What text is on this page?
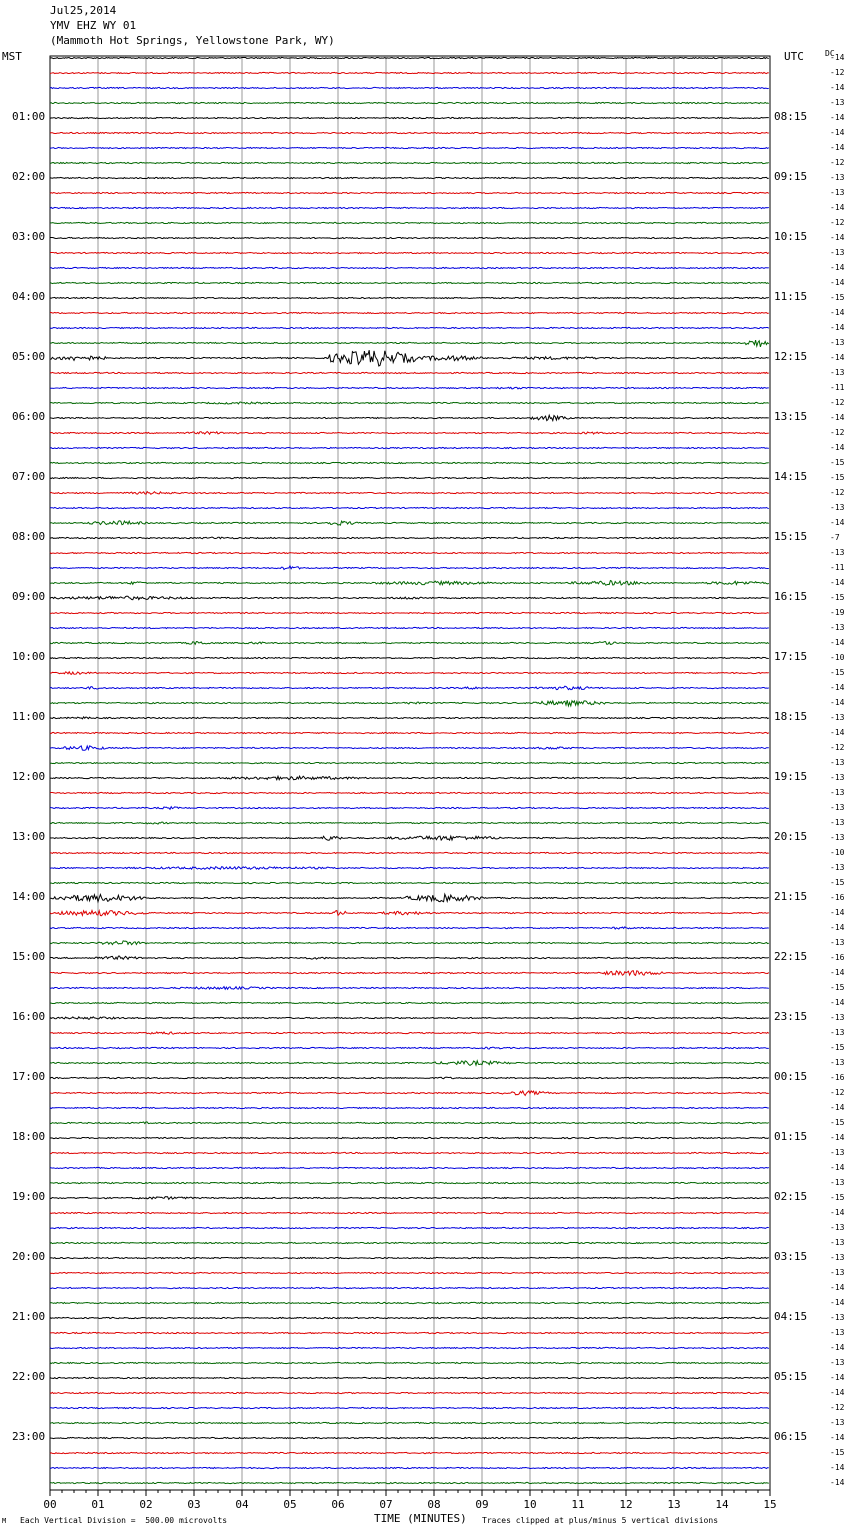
00	01	02	03	04	05	06	07	08	09	10	11	12	13	14	15
Jul25,2014
YMV EHZ WY 01
(Mammoth Hot Springs, Yellowstone Park, WY)
MST	UTC	DC
01:00
02:00
03:00
04:00
05:00
06:00
07:00
08:00
09:00
10:00
11:00
12:00
13:00
14:00
15:00
16:00
17:00
18:00
19:00
20:00
21:00
22:00
23:00
08:15
09:15
10:15
11:15
12:15
13:15
14:15
15:15
16:15
17:15
18:15
19:15
20:15
21:15
22:15
23:15
00:15
01:15
02:15
03:15
04:15
05:15
06:15
-14
-12
-14
-13
-14
-14
-14
-12
-13
-13
-14
-12
-14
-13
-14
-14
-15
-14
-14
-13
-14
-13
-11
-12
-14
-12
-14
-15
-15
-12
-13
-14
-7
-13
-11
-14
-15
-19
-13
-14
-10
-15
-14
-14
-13
-14
-12
-13
-13
-13
-13
-13
-13
-10
-13
-15
-16
-14
-14
-13
-16
-14
-15
-14
-13
-13
-15
-13
-16
-12
-14
-15
-14
-13
-14
-13
-15
-14
-13
-13
-13
-13
-14
-14
-13
-13
-14
-13
-14
-14
-12
-13
-14
-15
-14
-14
M Each Vertical Division =  500.00 microvolts	TIME (MINUTES) Traces clipped at plus/minus 5 vertical divisions
